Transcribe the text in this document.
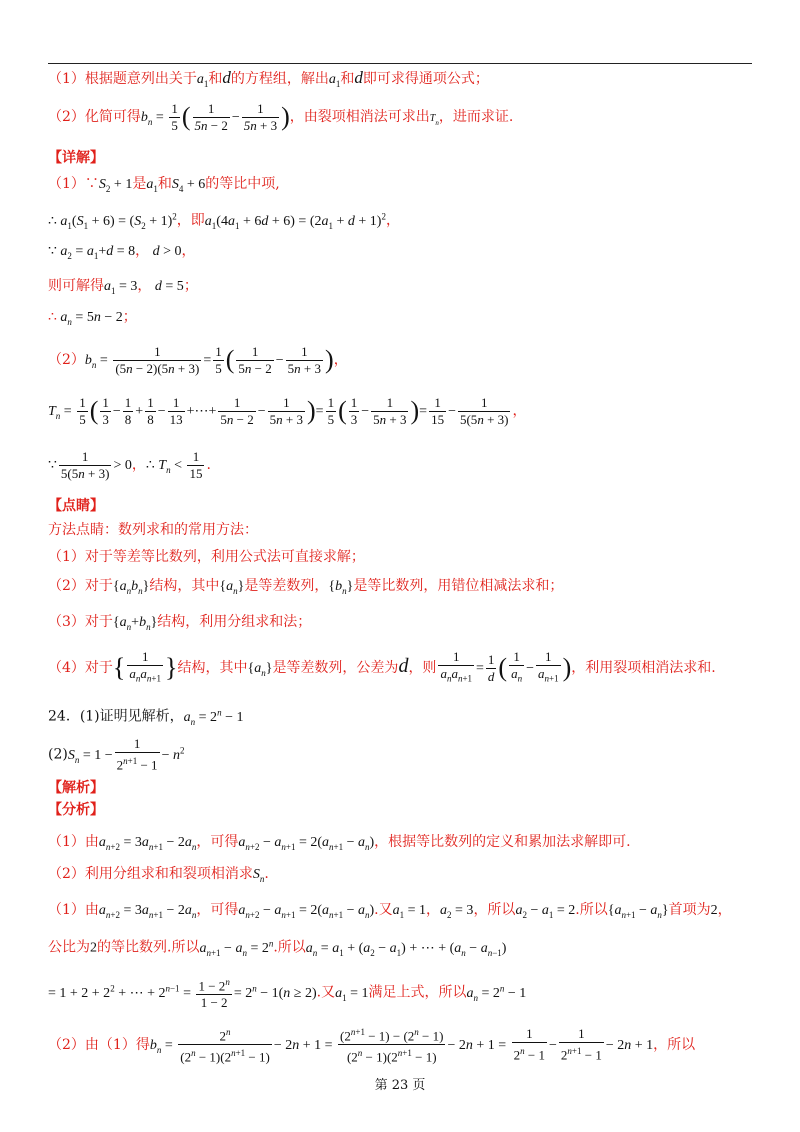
（1）根据题意列出关于$a_1$和d的方程组，解出$a_1$和d即可求得通项公式；
（2）化简可得$b_n = \frac{1}{5}$ ( $\frac{1}{5n - 2} - \frac{1}{5n + 3}$ )，由裂项相消法可求出$T_n$，进而求证.
【详解】
$(1)\because S_2 + 1$是$a_1$和$S_4 + 6$的等比中项,
∴ $a_1(S_1 + 6) = (S_2 + 1)^2$，即$a_1(4a_1 + 6d + 6) = (2a_1 + d + 1)^2$，
∵ $a_2 = a_1+d = 8$， d > 0，
则可解得$a_1 = 3$， d = 5；
∴ $a_n = 5n - 2$；
$(2)b_n = \frac{1}{(5n - 2)(5n + 3)} = \frac{1}{5}$ ( $\frac{1}{5n - 2} - \frac{1}{5n + 3}$ )，
$T_n = \frac{1}{5}$ ( $\frac{1}{3} - \frac{1}{8} + \frac{1}{8} - \frac{1}{13}$ +⋯+ $\frac{1}{5n - 2} - \frac{1}{5n + 3}$ )= $\frac{1}{5}$ ( $\frac{1}{3} - \frac{1}{5n + 3}$ )= $\frac{1}{15} - \frac{1}{5(5n + 3)}$ ，
∵ $\frac{1}{5(5n + 3)} > 0$，∴ $T_n < \frac{1}{15}$ .
【点睛】
方法点睛：数列求和的常用方法：
（1）对于等差等比数列，利用公式法可直接求解；
（2）对于$\{a_nb_n\}$结构，其中$\{a_n\}$是等差数列，$\{b_n\}$是等比数列，用错位相减法求和；
（3）对于$\{a_n+b_n\}$结构，利用分组求和法；
（4）对于{ $\frac{1}{a_na_{n+1}}$ }结构，其中$\{a_n\}$是等差数列，公差为d，则 $\frac{1}{a_na_{n+1}} = \frac{1}{d}$ ( $\frac{1}{a_n} - \frac{1}{a_{n+1}}$ )，利用裂项相消法求和.
24．(1)证明见解析，$a_n = 2^n - 1$
$(2)S_n = 1 - \frac{1}{2^{n+1} - 1} - n^2$
【解析】
【分析】
（1）由$a_{n+2} = 3a_{n+1} - 2a_n$，可得$a_{n+2} - a_{n+1} = 2(a_{n+1} - a_n)$，根据等比数列的定义和累加法求解即可.
（2）利用分组求和和裂项相消求$S_n$.
（1）由$a_{n+2} = 3a_{n+1} - 2a_n$，可得$a_{n+2} - a_{n+1} = 2(a_{n+1} - a_n)$.又$a_1 = 1$，$a_2 = 3$，所以$a_2 - a_1 = 2$.所以$\{a_{n+1} - a_n\}$首项为2，
公比为2的等比数列.所以$a_{n+1} - a_n = 2^n$.所以$a_n = a_1 + (a_2 - a_1)$ + ⋯ + $(a_n - a_{n-1})$
= $1 + 2 + 2^2$ + ⋯ + $2^{n-1} = \frac{1 - 2^n}{1 - 2} = 2^n - 1(n \ge 2)$.又$a_1 = 1$满足上式，所以$a_n = 2^n - 1$
（2）由（1）得$b_n = \frac{2^n}{(2^n - 1)(2^{n+1} - 1)} - 2n + 1 = \frac{(2^{n+1} - 1) - (2^n - 1)}{(2^n - 1)(2^{n+1} - 1)} - 2n + 1 = \frac{1}{2^n - 1} - \frac{1}{2^{n+1} - 1} - 2n + 1$，所以
第 23 页
